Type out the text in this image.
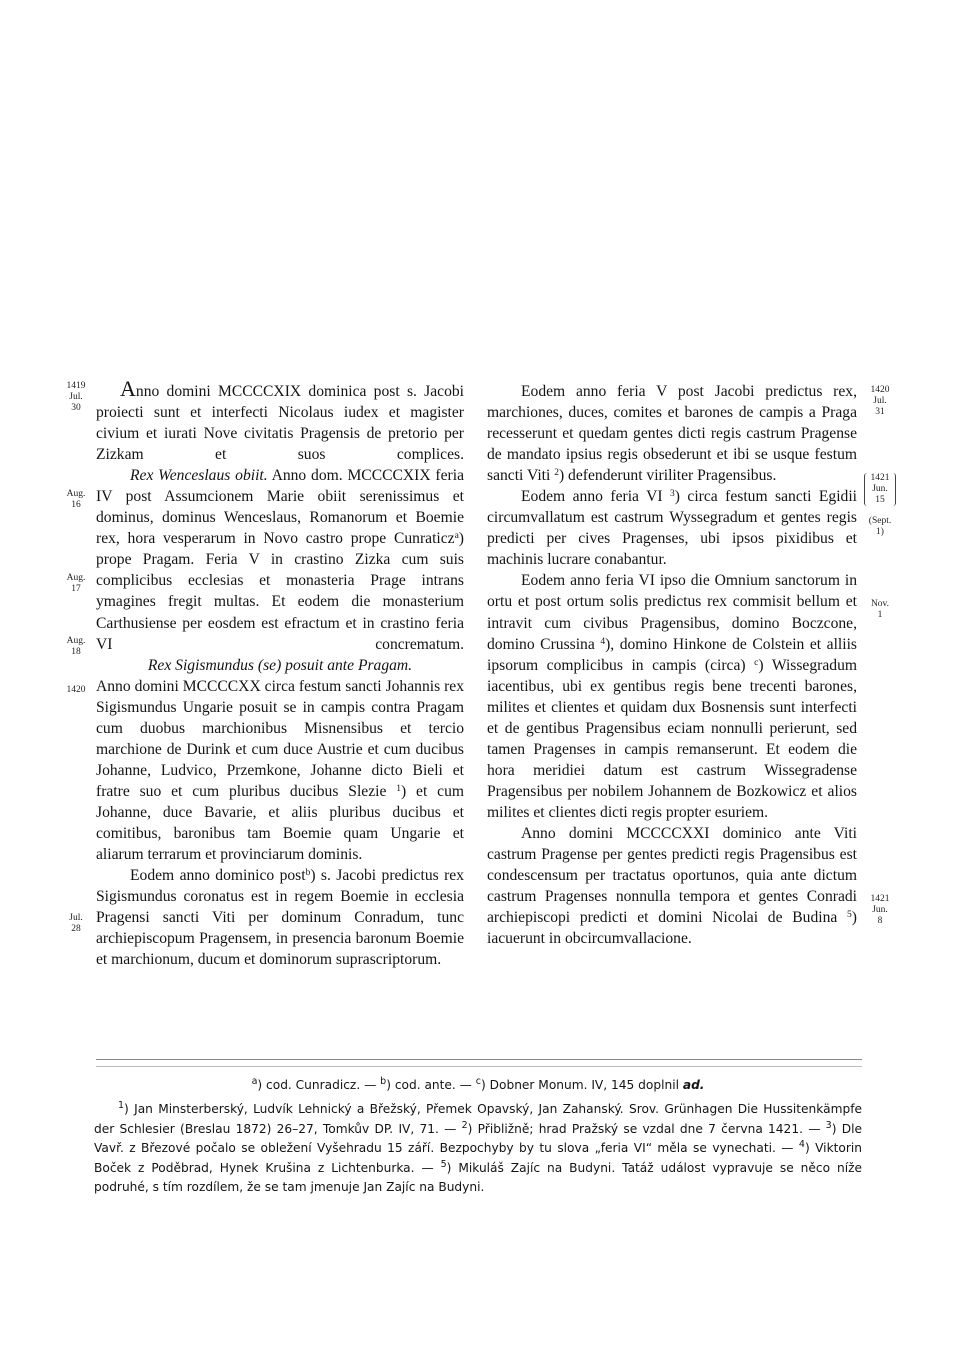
1419
Jul.
30
Aug.
16
Aug.
17
Aug.
18
1420
Jul.
28
1420
Jul.
31
1421
Jun.
15
(Sept.
1)
Nov.
1
1421
Jun.
8

Anno domini MCCCCXIX dominica post s. Jacobi proiecti sunt et interfecti Nicolaus iudex et magister civium et iurati Nove civitatis Pragensis de pretorio per Zizkam et suos complices.

Rex Wenceslaus obiit. Anno dom. MCCCCXIX feria IV post Assumcionem Marie obiit serenissimus et dominus, dominus Wenceslaus, Romanorum et Boemie rex, hora vesperarum in Novo castro prope Cunraticz$^a$) prope Pragam. Feria V in crastino Zizka cum suis complicibus ecclesias et monasteria Prage intrans ymagines fregit multas. Et eodem die monasterium Carthusiense per eosdem est efractum et in crastino feria VI concrematum.

Rex Sigismundus (se) posuit ante Pragam.

Anno domini MCCCCXX circa festum sancti Johannis rex Sigismundus Ungarie posuit se in campis contra Pragam cum duobus marchionibus Misnensibus et tercio marchione de Durink et cum duce Austrie et cum ducibus Johanne, Ludvico, Przemkone, Johanne dicto Bieli et fratre suo et cum pluribus ducibus Slezie $^1$) et cum Johanne, duce Bavarie, et aliis pluribus ducibus et comitibus, baronibus tam Boemie quam Ungarie et aliarum terrarum et provinciarum dominis.

Eodem anno dominico post$^b$) s. Jacobi predictus rex Sigismundus coronatus est in regem Boemie in ecclesia Pragensi sancti Viti per dominum Conradum, tunc archiepiscopum Pragensem, in presencia baronum Boemie et marchionum, ducum et dominorum suprascriptorum.

Eodem anno feria V post Jacobi predictus rex, marchiones, duces, comites et barones de campis a Praga recesserunt et quedam gentes dicti regis castrum Pragense de mandato ipsius regis obsederunt et ibi se usque festum sancti Viti $^2$) defenderunt viriliter Pragensibus.

Eodem anno feria VI $^3$) circa festum sancti Egidii circumvallatum est castrum Wyssegradum et gentes regis predicti per cives Pragenses, ubi ipsos pixidibus et machinis lucrare conabantur.

Eodem anno feria VI ipso die Omnium sanctorum in ortu et post ortum solis predictus rex commisit bellum et intravit cum civibus Pragensibus, domino Boczcone, domino Crussina $^4$), domino Hinkone de Colstein et alliis ipsorum complicibus in campis (circa) $^c$) Wissegradum iacentibus, ubi ex gentibus regis bene trecenti barones, milites et clientes et quidam dux Bosnensis sunt interfecti et de gentibus Pragensibus eciam nonnulli perierunt, sed tamen Pragenses in campis remanserunt. Et eodem die hora meridiei datum est castrum Wissegradense Pragensibus per nobilem Johannem de Bozkowicz et alios milites et clientes dicti regis propter esuriem.

Anno domini MCCCCXXI dominico ante Viti castrum Pragense per gentes predicti regis Pragensibus est condescensum per tractatus oportunos, quia ante dictum castrum Pragenses nonnulla tempora et gentes Conradi archiepiscopi predicti et domini Nicolai de Budina $^5$) iacuerunt in obcircumvallacione.

$^a$) cod. Cunradicz. — $^b$) cod. ante. — $^c$) Dobner Monum. IV, 145 doplnil ad.

$^1$) Jan Minsterberský, Ludvík Lehnický a Břežský, Přemek Opavský, Jan Zahanský. Srov. Grünhagen Die Hussitenkämpfe der Schlesier (Breslau 1872) 26–27, Tomkův DP. IV, 71. — $^2$) Přibližně; hrad Pražský se vzdal dne 7 června 1421. — $^3$) Dle Vavř. z Březové počalo se obležení Vyšehradu 15 září. Bezpochyby by tu slova „feria VI“ měla se vynechati. — $^4$) Viktorin Boček z Poděbrad, Hynek Krušina z Lichtenburka. — $^5$) Mikuláš Zajíc na Budyni. Tatáž událost vypravuje se něco níže podruhé, s tím rozdílem, že se tam jmenuje Jan Zajíc na Budyni.
